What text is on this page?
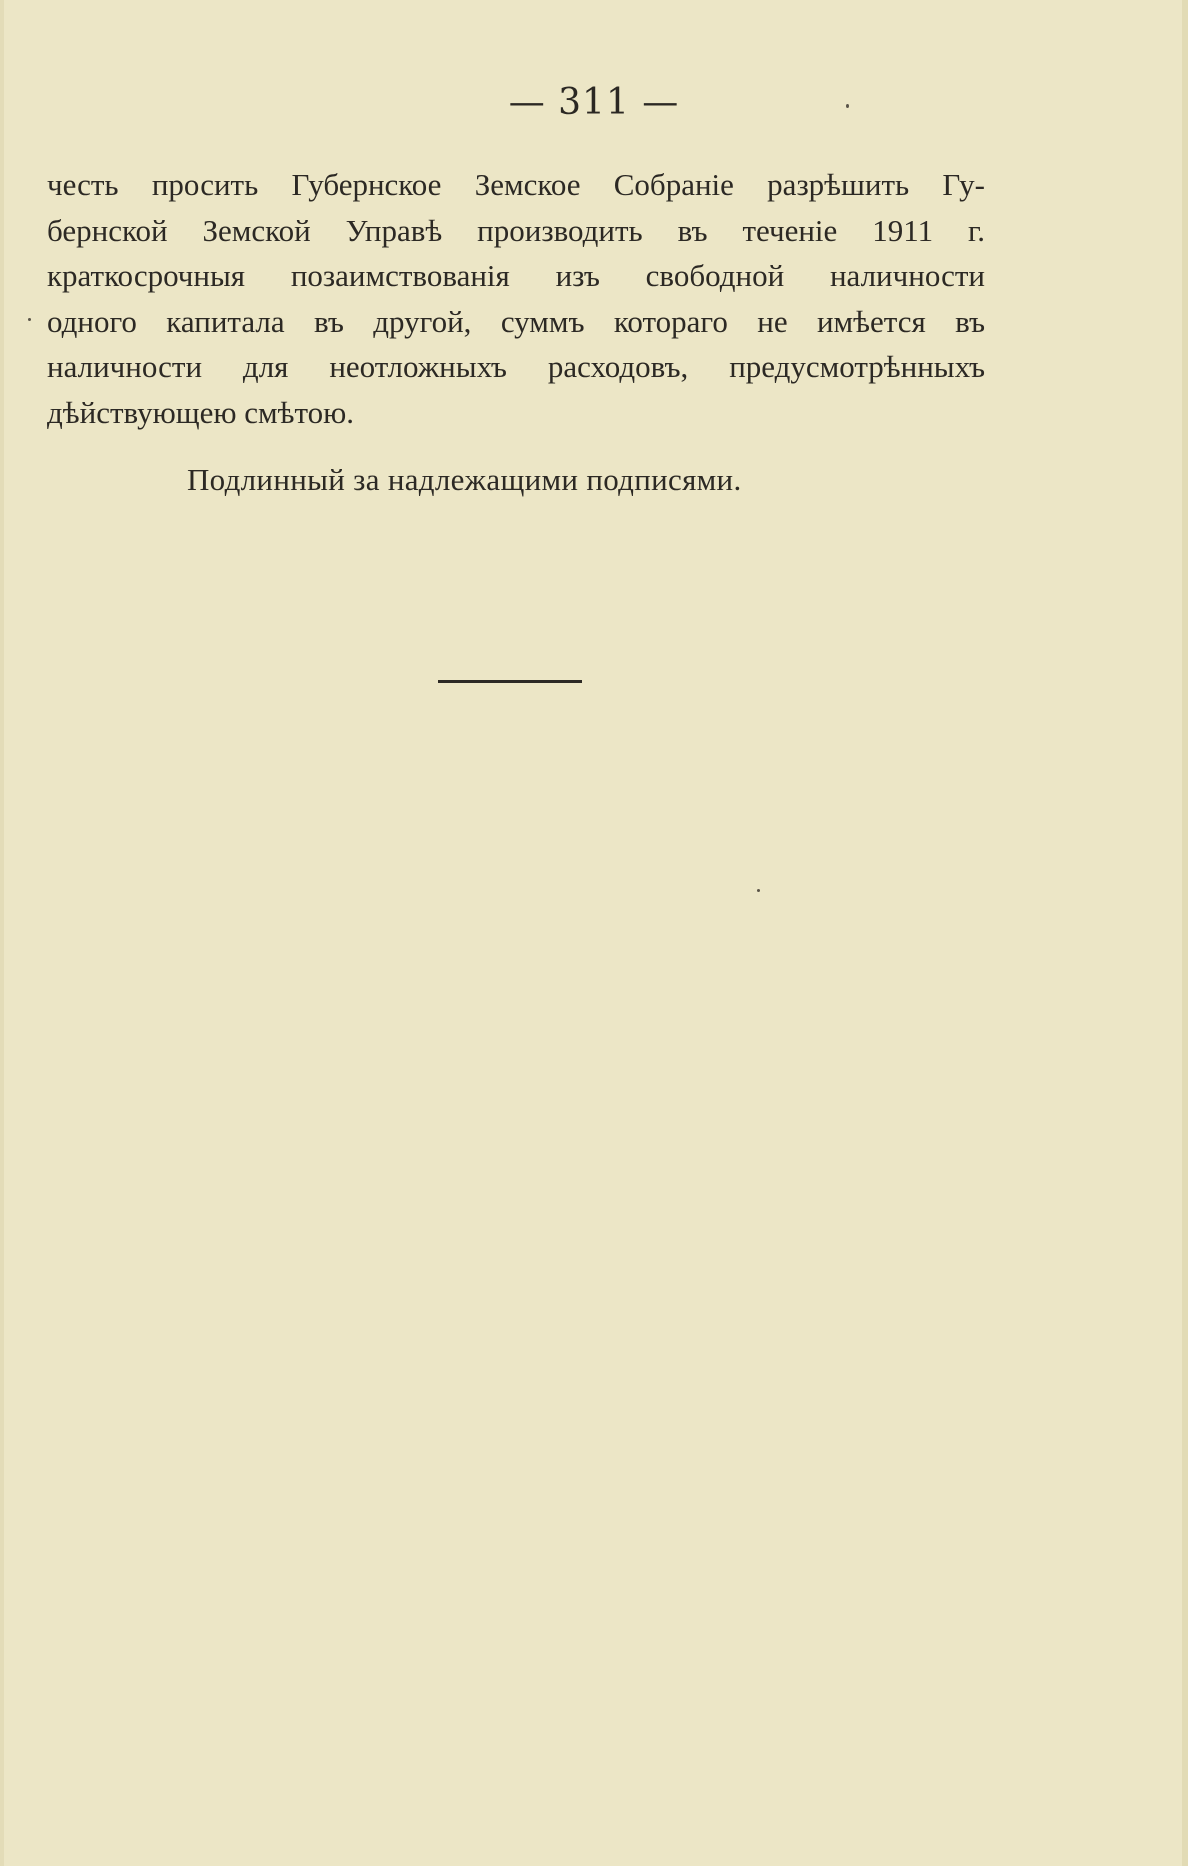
— 311 —
честь просить Губернское Земское Собраніе разрѣшить Гу-
бернской Земской Управѣ производить въ теченіе 1911 г.
краткосрочныя позаимствованія изъ свободной наличности
одного капитала въ другой, суммъ котораго не имѣется въ
наличности для неотложныхъ расходовъ, предусмотрѣнныхъ
дѣйствующею смѣтою.
Подлинный за надлежащими подписями.
